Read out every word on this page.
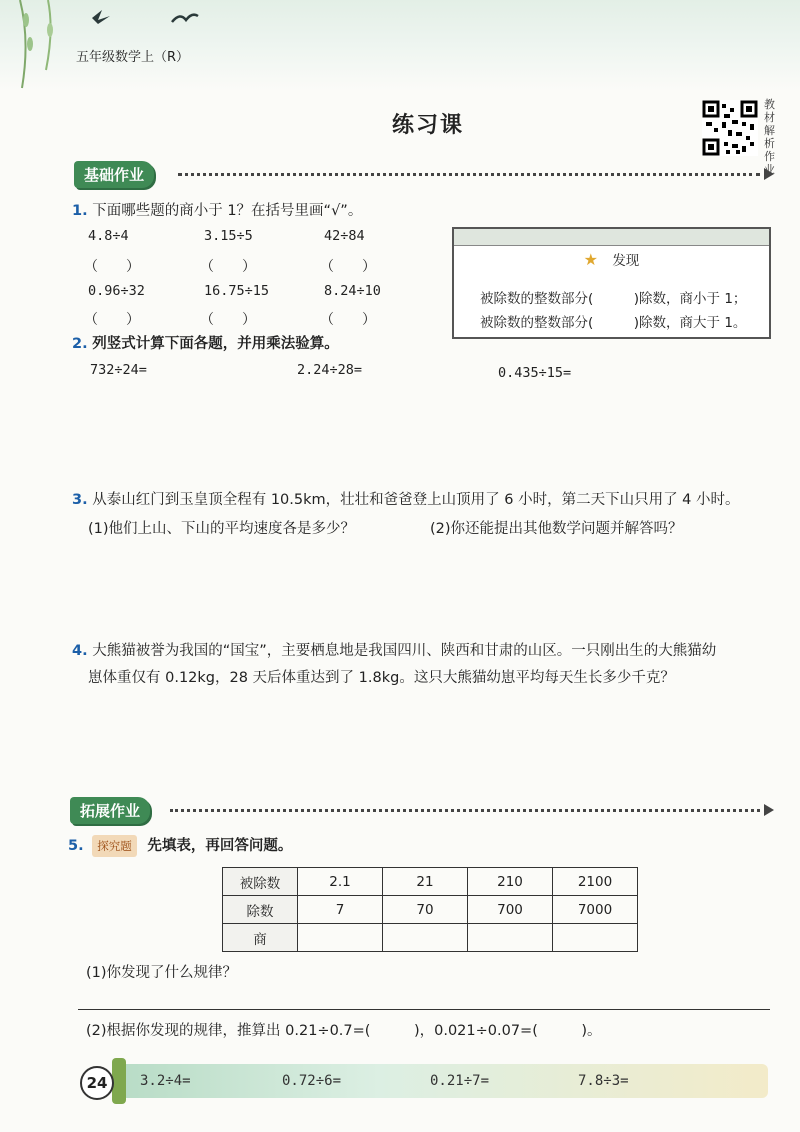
五年级数学上（R）
练习课
教材解析作业
基础作业
1. 下面哪些题的商小于 1？在括号里画“√”。
4.8÷4	3.15÷5	42÷84
（　　）	（　　）	（　　）
0.96÷32	16.75÷15	8.24÷10
（　　）	（　　）	（　　）
★ 发现
被除数的整数部分(　　　)除数，商小于 1；
被除数的整数部分(　　　)除数，商大于 1。
2. 列竖式计算下面各题，并用乘法验算。
732÷24=	2.24÷28=	0.435÷15=
3. 从泰山红门到玉皇顶全程有 10.5km，壮壮和爸爸登上山顶用了 6 小时，第二天下山只用了 4 小时。
(1)他们上山、下山的平均速度各是多少？	(2)你还能提出其他数学问题并解答吗？
4. 大熊猫被誉为我国的“国宝”，主要栖息地是我国四川、陕西和甘肃的山区。一只刚出生的大熊猫幼
崽体重仅有 0.12kg，28 天后体重达到了 1.8kg。这只大熊猫幼崽平均每天生长多少千克？
拓展作业
5. 探究题 先填表，再回答问题。
被除数	2.1	21	210	2100
除数	7	70	700	7000
商				
(1)你发现了什么规律？
(2)根据你发现的规律，推算出 0.21÷0.7=(　　　)，0.021÷0.07=(　　　)。
24	3.2÷4=	0.72÷6=	0.21÷7=	7.8÷3=
